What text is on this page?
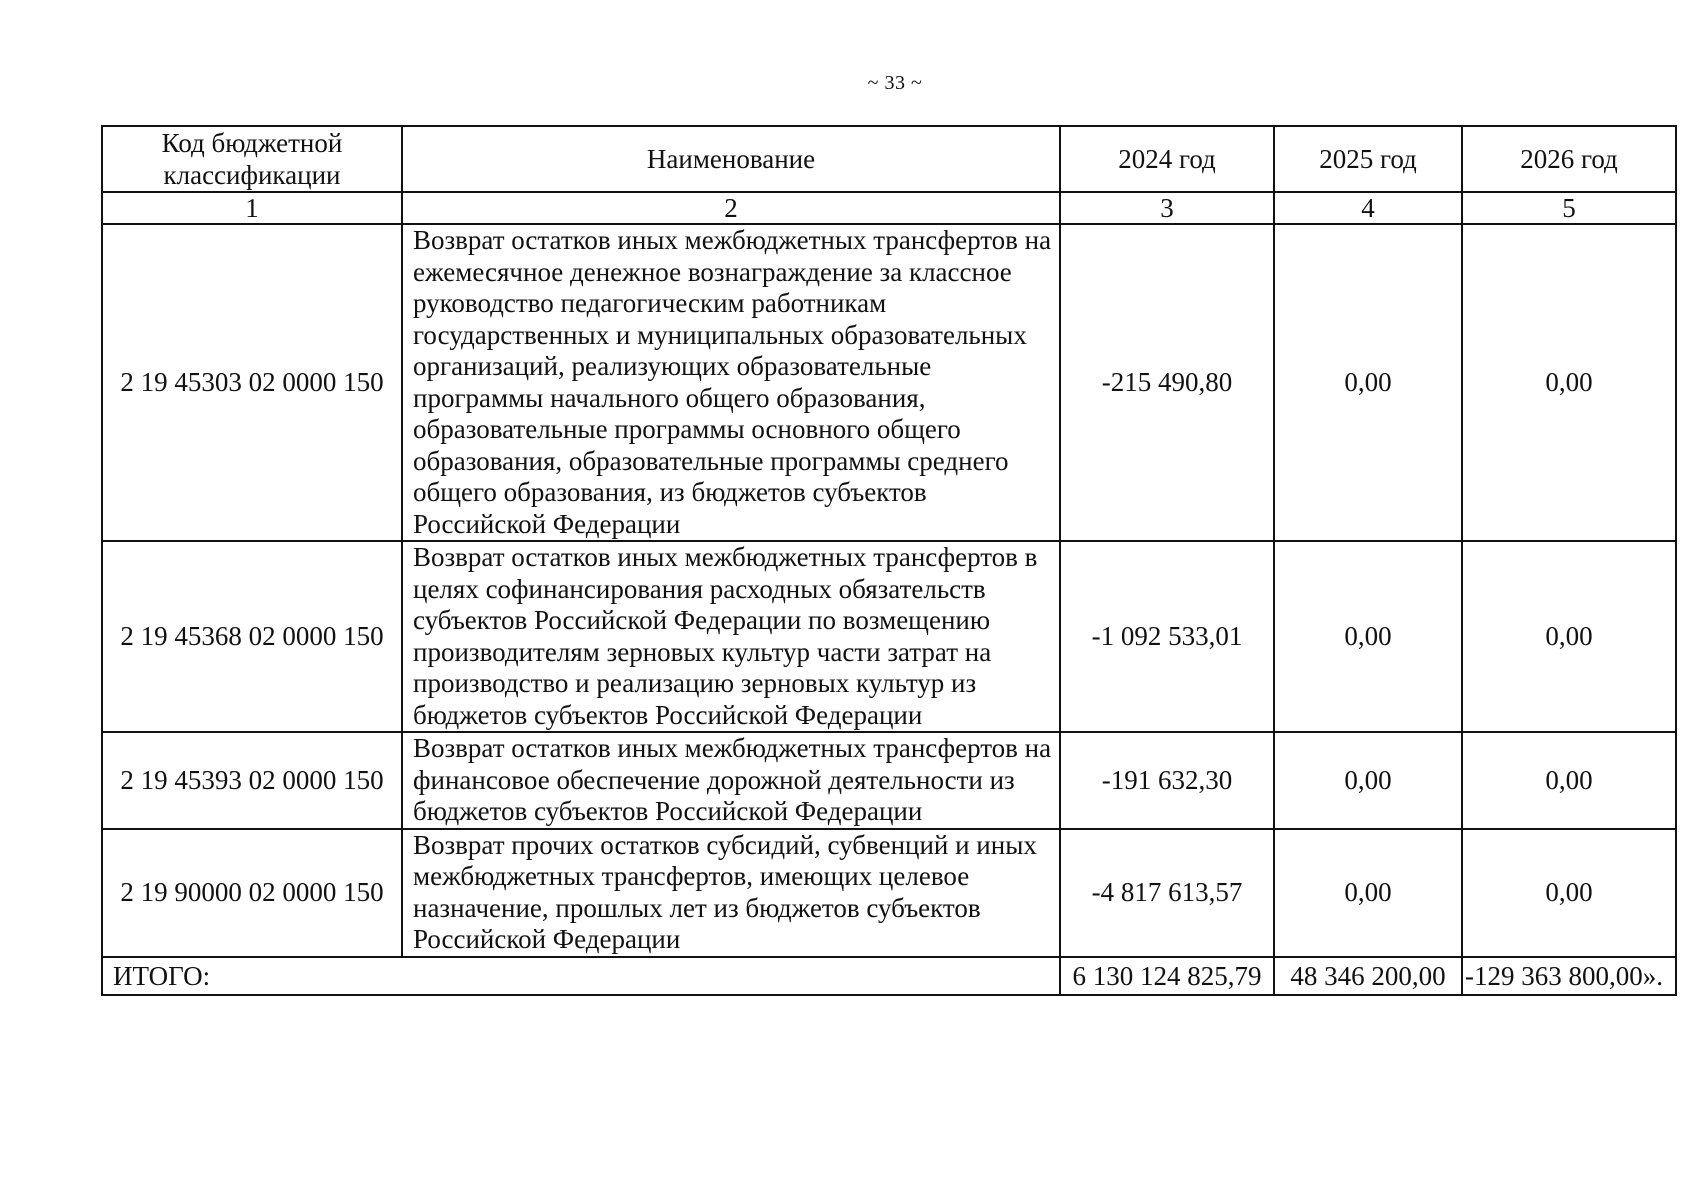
~ 33 ~
Код бюджетной классификации	Наименование	2024 год	2025 год	2026 год
1	2	3	4	5
2 19 45303 02 0000 150	Возврат остатков иных межбюджетных трансфертов на ежемесячное денежное вознаграждение за классное руководство педагогическим работникам государственных и муниципальных образовательных организаций, реализующих образовательные программы начального общего образования, образовательные программы основного общего образования, образовательные программы среднего общего образования, из бюджетов субъектов Российской Федерации	-215 490,80	0,00	0,00
2 19 45368 02 0000 150	Возврат остатков иных межбюджетных трансфертов в целях софинансирования расходных обязательств субъектов Российской Федерации по возмещению производителям зерновых культур части затрат на производство и реализацию зерновых культур из бюджетов субъектов Российской Федерации	-1 092 533,01	0,00	0,00
2 19 45393 02 0000 150	Возврат остатков иных межбюджетных трансфертов на финансовое обеспечение дорожной деятельности из бюджетов субъектов Российской Федерации	-191 632,30	0,00	0,00
2 19 90000 02 0000 150	Возврат прочих остатков субсидий, субвенций и иных межбюджетных трансфертов, имеющих целевое назначение, прошлых лет из бюджетов субъектов Российской Федерации	-4 817 613,57	0,00	0,00
ИТОГО:		6 130 124 825,79	48 346 200,00	-129 363 800,00».
